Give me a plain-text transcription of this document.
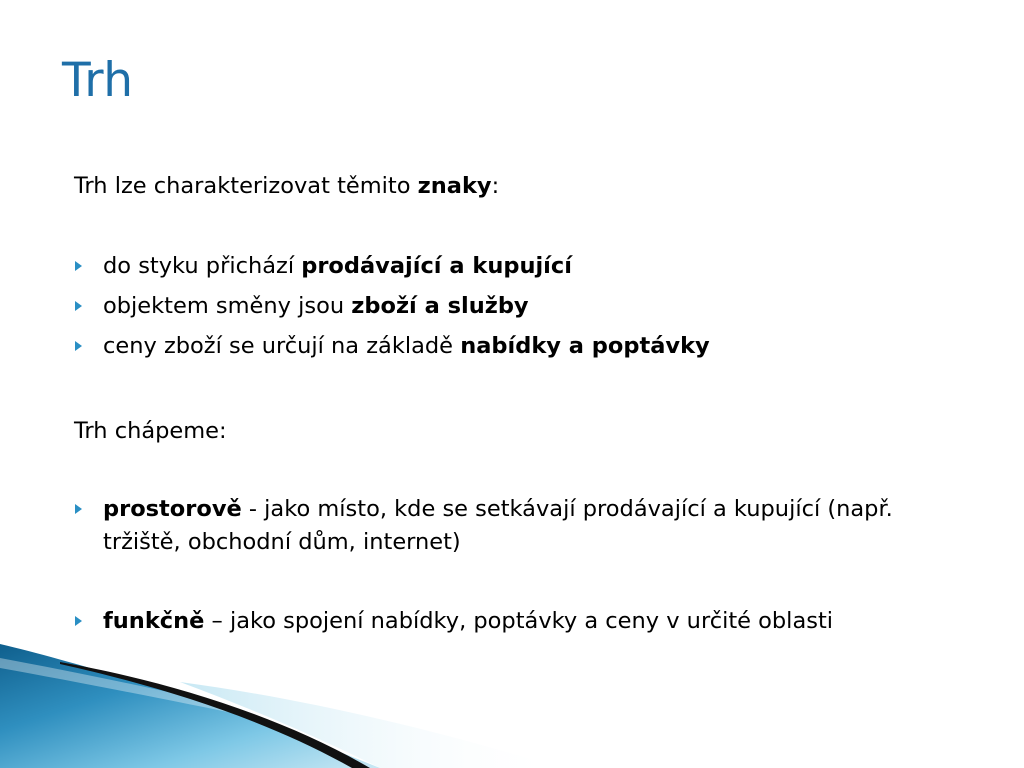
Trh

Trh lze charakterizovat těmito znaky:

do styku přichází prodávající a kupující

objektem směny jsou zboží a služby

ceny zboží se určují na základě nabídky a poptávky

Trh chápeme:

prostorově - jako místo, kde se setkávají prodávající a kupující (např. tržiště, obchodní dům, internet)

funkčně – jako spojení nabídky, poptávky a ceny v určité oblasti
